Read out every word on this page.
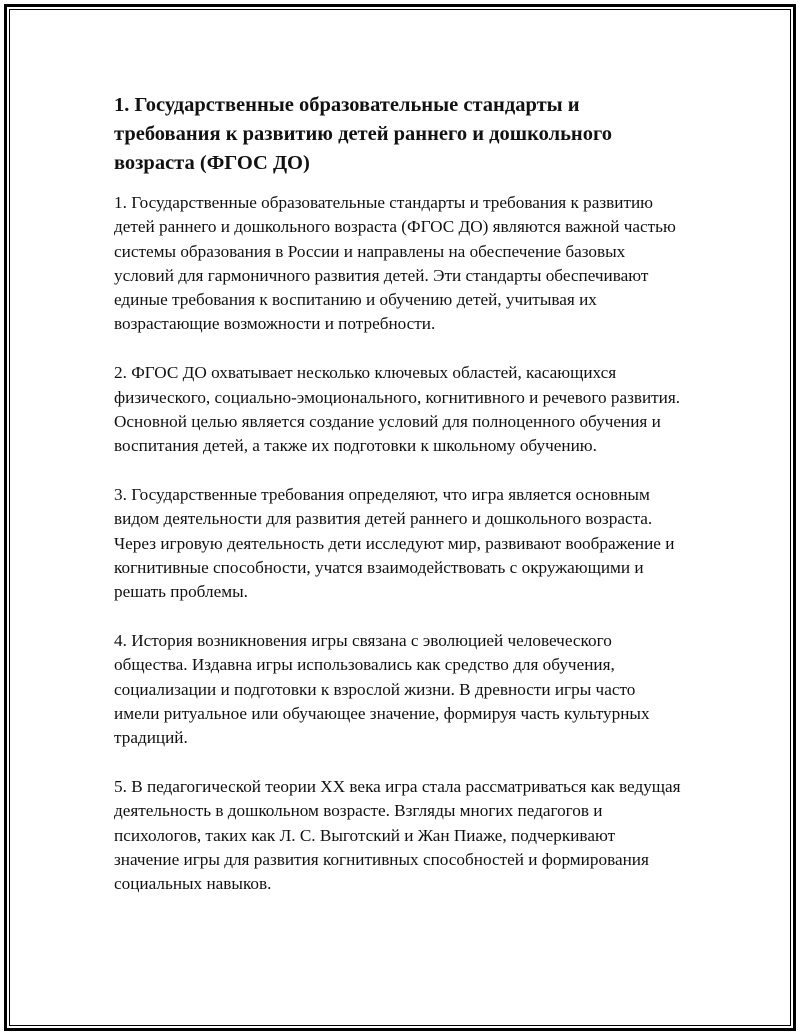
1. Государственные образовательные стандарты и требования к развитию детей раннего и дошкольного возраста (ФГОС ДО)

1. Государственные образовательные стандарты и требования к развитию детей раннего и дошкольного возраста (ФГОС ДО) являются важной частью системы образования в России и направлены на обеспечение базовых условий для гармоничного развития детей. Эти стандарты обеспечивают единые требования к воспитанию и обучению детей, учитывая их возрастающие возможности и потребности.

2. ФГОС ДО охватывает несколько ключевых областей, касающихся физического, социально-эмоционального, когнитивного и речевого развития. Основной целью является создание условий для полноценного обучения и воспитания детей, а также их подготовки к школьному обучению.

3. Государственные требования определяют, что игра является основным видом деятельности для развития детей раннего и дошкольного возраста. Через игровую деятельность дети исследуют мир, развивают воображение и когнитивные способности, учатся взаимодействовать с окружающими и решать проблемы.

4. История возникновения игры связана с эволюцией человеческого общества. Издавна игры использовались как средство для обучения, социализации и подготовки к взрослой жизни. В древности игры часто имели ритуальное или обучающее значение, формируя часть культурных традиций.

5. В педагогической теории XX века игра стала рассматриваться как ведущая деятельность в дошкольном возрасте. Взгляды многих педагогов и психологов, таких как Л. С. Выготский и Жан Пиаже, подчеркивают значение игры для развития когнитивных способностей и формирования социальных навыков.
